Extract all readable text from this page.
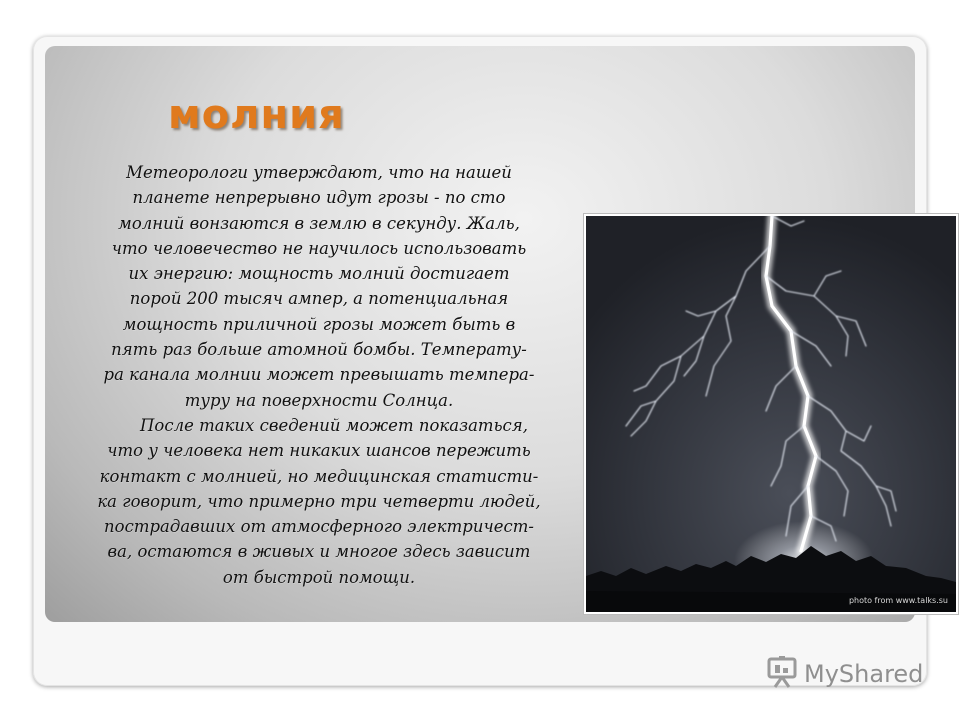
молния
Метеорологи утверждают, что на нашей
планете непрерывно идут грозы - по сто
молний вонзаются в землю в секунду. Жаль,
что человечество не научилось использовать
их энергию: мощность молний достигает
порой 200 тысяч ампер, а потенциальная
мощность приличной грозы может быть в
пять раз больше атомной бомбы. Температу-
ра канала молнии может превышать темпера-
туру на поверхности Солнца.
После таких сведений может показаться,
что у человека нет никаких шансов пережить
контакт с молнией, но медицинская статисти-
ка говорит, что примерно три четверти людей,
пострадавших от атмосферного электричест-
ва, остаются в живых и многое здесь зависит
от быстрой помощи.
photo from www.talks.su
MyShared
